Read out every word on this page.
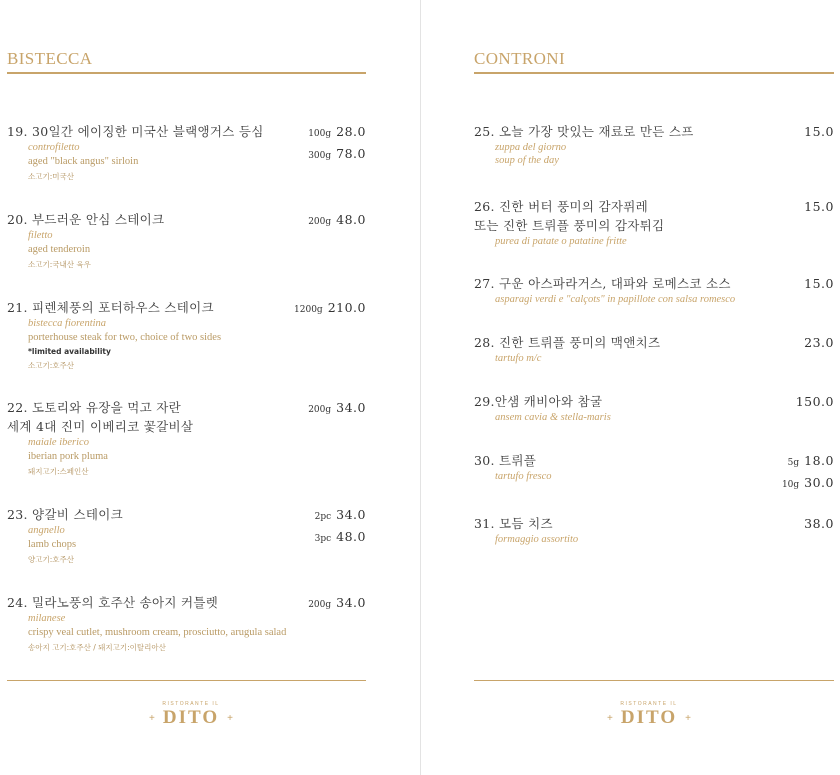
BISTECCA
19. 30일간 에이징한 미국산 블랙앵거스 등심
controfiletto
aged "black angus" sirloin
소고기:미국산
100g 28.0
300g 78.0
20. 부드러운 안심 스테이크
filetto
aged tenderoin
소고기:국내산 육우
200g 48.0
21. 피렌체풍의 포터하우스 스테이크
bistecca fiorentina
porterhouse steak for two, choice of two sides
*limited availability
소고기:호주산
1200g 210.0
22. 도토리와 유장을 먹고 자란
세계 4대 진미 이베리코 꽃갈비살
maiale iberico
iberian pork pluma
돼지고기:스페인산
200g 34.0
23. 양갈비 스테이크
angnello
lamb chops
양고기:호주산
2pc 34.0
3pc 48.0
24. 밀라노풍의 호주산 송아지 커틀렛
milanese
crispy veal cutlet, mushroom cream, prosciutto, arugula salad
송아지 고기:호주산 / 돼지고기:이탈리아산
200g 34.0
RISTORANTE IL
+ DITO +
CONTRONI
25. 오늘 가장 맛있는 재료로 만든 스프
zuppa del giorno
soup of the day
15.0
26. 진한 버터 풍미의 감자퓌레
또는 진한 트뤼플 풍미의 감자튀김
purea di patate o patatine fritte
15.0
27. 구운 아스파라거스, 대파와 로메스코 소스
asparagi verdi e "calçots" in papillote con salsa romesco
15.0
28. 진한 트뤼플 풍미의 맥앤치즈
tartufo m/c
23.0
29.안샘 캐비아와 참굴
ansem cavia & stella-maris
150.0
30. 트뤼플
tartufo fresco
5g 18.0
10g 30.0
31. 모듬 치즈
formaggio assortito
38.0
RISTORANTE IL
+ DITO +
